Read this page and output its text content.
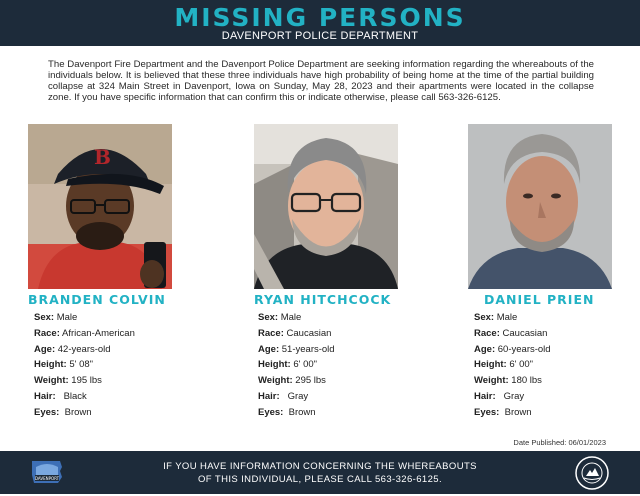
MISSING PERSONS
DAVENPORT POLICE DEPARTMENT
The Davenport Fire Department and the Davenport Police Department are seeking information regarding the whereabouts of the individuals below. It is believed that these three individuals have high probability of being home at the time of the partial building collapse at 324 Main Street in Davenport, Iowa on Sunday, May 28, 2023 and their apartments were located in the collapse zone. If you have specific information that can confirm this or indicate otherwise, please call 563-326-6125.
B
BRANDEN COLVIN
Sex: Male
Race: African-American
Age: 42-years-old
Height: 5' 08"
Weight: 195 lbs
Hair: Black
Eyes: Brown
RYAN HITCHCOCK
Sex: Male
Race: Caucasian
Age: 51-years-old
Height: 6' 00"
Weight: 295 lbs
Hair: Gray
Eyes: Brown
DANIEL PRIEN
Sex: Male
Race: Caucasian
Age: 60-years-old
Height: 6' 00"
Weight: 180 lbs
Hair: Gray
Eyes: Brown
Date Published: 06/01/2023
DAVENPORT
IF YOU HAVE INFORMATION CONCERNING THE WHEREABOUTS
OF THIS INDIVIDUAL, PLEASE CALL 563-326-6125.
